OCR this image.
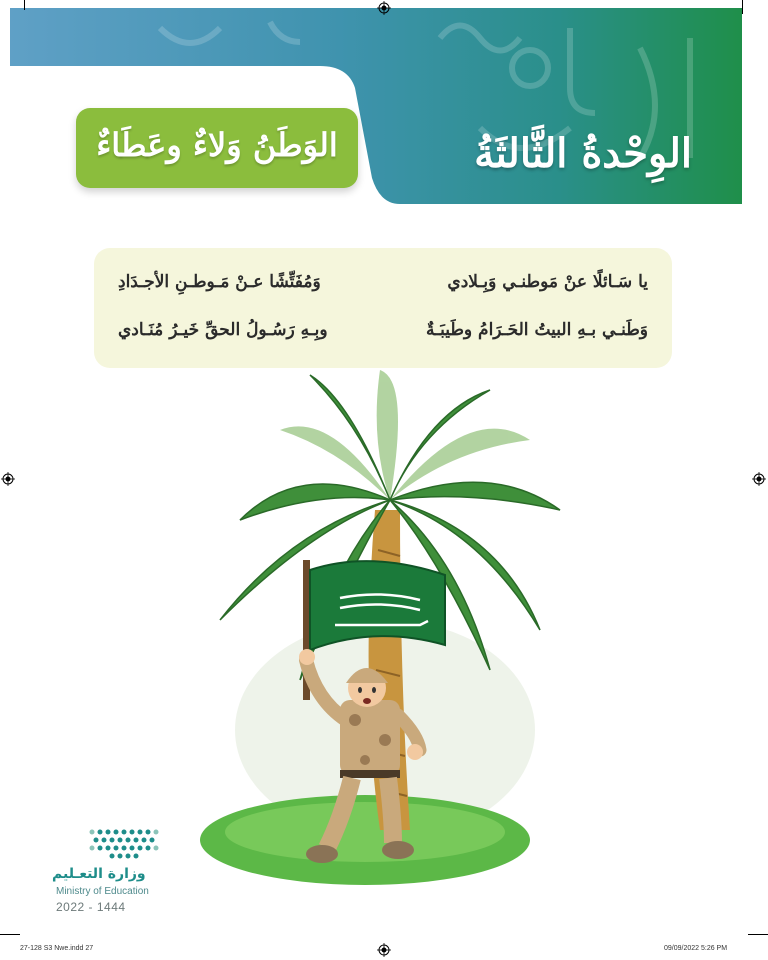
الوِحْدةُ الثَّالثَةُ
الوَطَنُ وَلاءٌ وعَطَاءٌ
يا سَـائلًا عنْ مَوطنـي وَبِـلادي
وَمُفَتِّشًا عـنْ مَـوطـنِ الأجـدَادِ
وَطَنـي بـهِ البيتُ الحَـرَامُ وطَيبَـةٌ
وبِـهِ رَسُـولُ الحقِّ خَيـرُ مُنَـادي
وزارة التعـليم
Ministry of Education
2022 - 1444
27-128 S3 Nwe.indd 27	09/09/2022 5:26 PM
